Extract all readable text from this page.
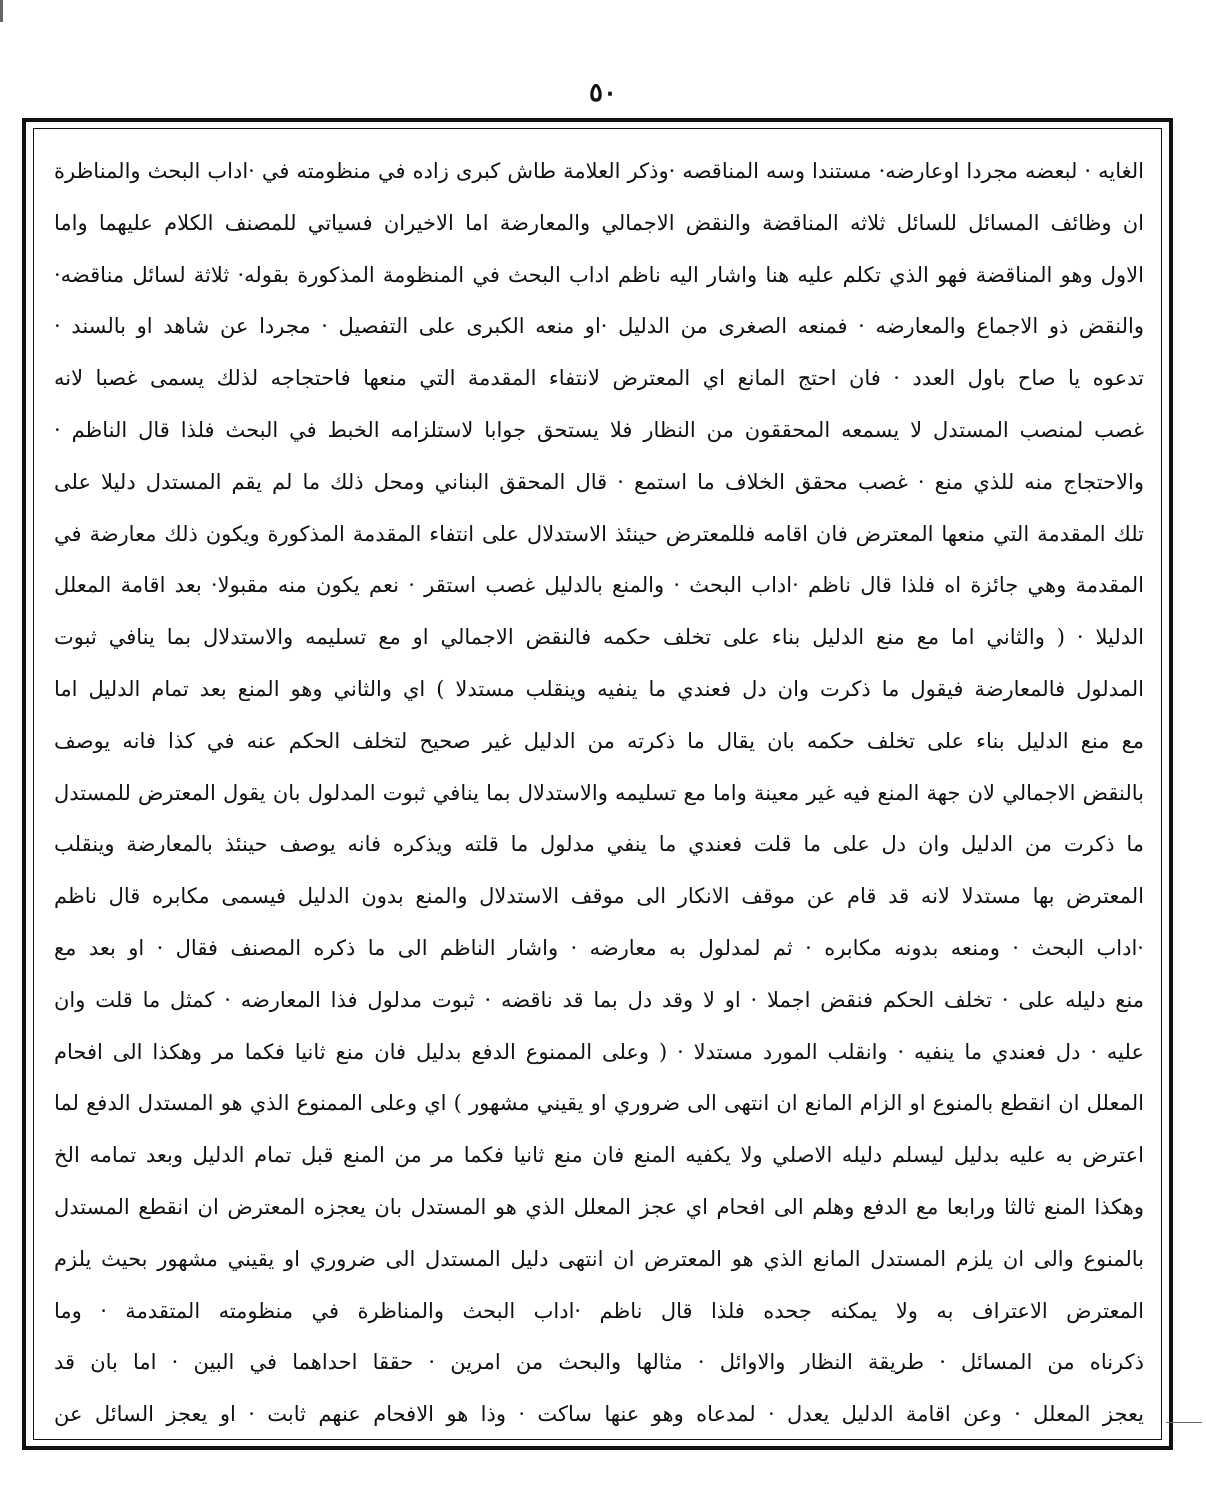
٥٠
الغايه · لبعضه مجردا اوعارضه· مستندا وسه المناقصه ·وذكر العلامة طاش كبرى زاده في منظومته في ·اداب البحث والمناظرة
ان وظائف المسائل للسائل ثلاثه المناقضة والنقض الاجمالي والمعارضة اما الاخيران فسياتي للمصنف الكلام عليهما واما
الاول وهو المناقضة فهو الذي تكلم عليه هنا واشار اليه ناظم اداب البحث في المنظومة المذكورة بقوله· ثلاثة لسائل مناقضه·
والنقض ذو الاجماع والمعارضه · فمنعه الصغرى من الدليل ·او منعه الكبرى على التفصيل · مجردا عن شاهد او بالسند ·
تدعوه يا صاح باول العدد · فان احتج المانع اي المعترض لانتفاء المقدمة التي منعها فاحتجاجه لذلك يسمى غصبا لانه
غصب لمنصب المستدل لا يسمعه المحققون من النظار فلا يستحق جوابا لاستلزامه الخبط في البحث فلذا قال الناظم ·
والاحتجاج منه للذي منع · غصب محقق الخلاف ما استمع · قال المحقق البناني ومحل ذلك ما لم يقم المستدل دليلا على
تلك المقدمة التي منعها المعترض فان اقامه فللمعترض حينئذ الاستدلال على انتفاء المقدمة المذكورة ويكون ذلك معارضة في
المقدمة وهي جائزة اه فلذا قال ناظم ·اداب البحث · والمنع بالدليل غصب استقر · نعم يكون منه مقبولا· بعد اقامة المعلل
الدليلا · ( والثاني اما مع منع الدليل بناء على تخلف حكمه فالنقض الاجمالي او مع تسليمه والاستدلال بما ينافي ثبوت
المدلول فالمعارضة فيقول ما ذكرت وان دل فعندي ما ينفيه وينقلب مستدلا ) اي والثاني وهو المنع بعد تمام الدليل اما
مع منع الدليل بناء على تخلف حكمه بان يقال ما ذكرته من الدليل غير صحيح لتخلف الحكم عنه في كذا فانه يوصف
بالنقض الاجمالي لان جهة المنع فيه غير معينة واما مع تسليمه والاستدلال بما ينافي ثبوت المدلول بان يقول المعترض للمستدل
ما ذكرت من الدليل وان دل على ما قلت فعندي ما ينفي مدلول ما قلته ويذكره فانه يوصف حينئذ بالمعارضة وينقلب
المعترض بها مستدلا لانه قد قام عن موقف الانكار الى موقف الاستدلال والمنع بدون الدليل فيسمى مكابره قال ناظم
·اداب البحث · ومنعه بدونه مكابره · ثم لمدلول به معارضه · واشار الناظم الى ما ذكره المصنف فقال · او بعد مع
منع دليله على · تخلف الحكم فنقض اجملا · او لا وقد دل بما قد ناقضه · ثبوت مدلول فذا المعارضه · كمثل ما قلت وان
عليه · دل فعندي ما ينفيه · وانقلب المورد مستدلا · ( وعلى الممنوع الدفع بدليل فان منع ثانيا فكما مر وهكذا الى افحام
المعلل ان انقطع بالمنوع او الزام المانع ان انتهى الى ضروري او يقيني مشهور ) اي وعلى الممنوع الذي هو المستدل الدفع لما
اعترض به عليه بدليل ليسلم دليله الاصلي ولا يكفيه المنع فان منع ثانيا فكما مر من المنع قبل تمام الدليل وبعد تمامه الخ
وهكذا المنع ثالثا ورابعا مع الدفع وهلم الى افحام اي عجز المعلل الذي هو المستدل بان يعجزه المعترض ان انقطع المستدل
بالمنوع والى ان يلزم المستدل المانع الذي هو المعترض ان انتهى دليل المستدل الى ضروري او يقيني مشهور بحيث يلزم
المعترض الاعتراف به ولا يمكنه جحده فلذا قال ناظم ·اداب البحث والمناظرة في منظومته المتقدمة · وما
ذكرناه من المسائل · طريقة النظار والاوائل · مثالها والبحث من امرين · حققا احداهما في البين · اما بان قد
يعجز المعلل · وعن اقامة الدليل يعدل · لمدعاه وهو عنها ساكت · وذا هو الافحام عنهم ثابت · او يعجز السائل عن
